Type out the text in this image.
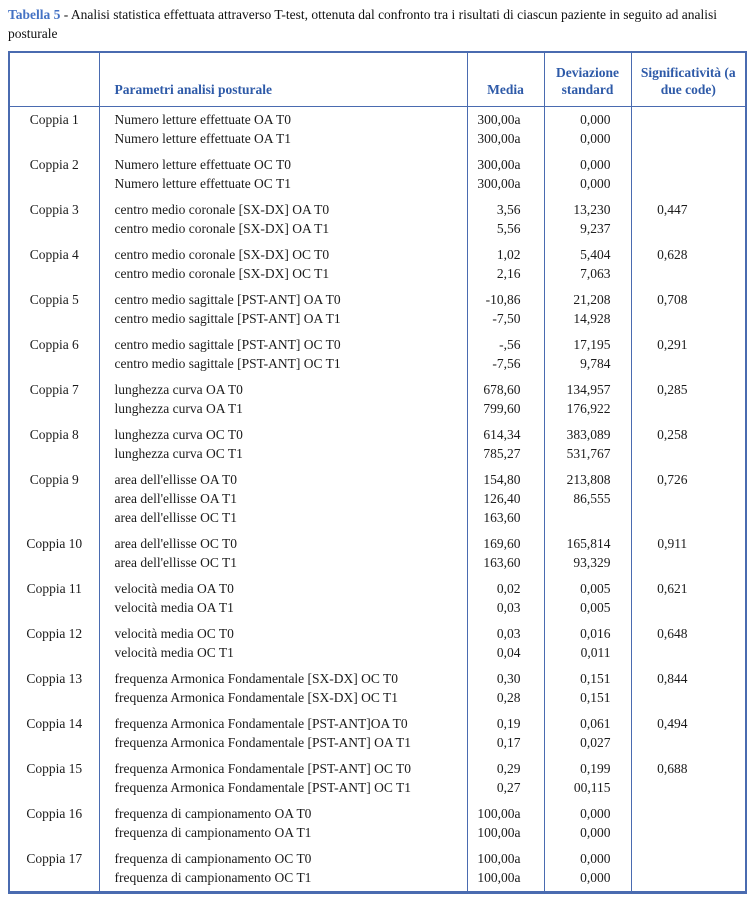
Tabella 5 - Analisi statistica effettuata attraverso T-test, ottenuta dal confronto tra i risultati di ciascun paziente in seguito ad analisi posturale

	Parametri analisi posturale	Media	Deviazione standard	Significatività (a due code)
Coppia 1	Numero letture effettuate OA T0	300,00a	0,000	
	Numero letture effettuate OA T1	300,00a	0,000	
Coppia 2	Numero letture effettuate OC T0	300,00a	0,000	
	Numero letture effettuate OC T1	300,00a	0,000	
Coppia 3	centro medio coronale [SX-DX] OA T0	3,56	13,230	0,447
	centro medio coronale [SX-DX] OA T1	5,56	9,237	
Coppia 4	centro medio coronale [SX-DX] OC T0	1,02	5,404	0,628
	centro medio coronale [SX-DX] OC T1	2,16	7,063	
Coppia 5	centro medio sagittale [PST-ANT] OA T0	-10,86	21,208	0,708
	centro medio sagittale [PST-ANT] OA T1	-7,50	14,928	
Coppia 6	centro medio sagittale [PST-ANT] OC T0	-,56	17,195	0,291
	centro medio sagittale [PST-ANT] OC T1	-7,56	9,784	
Coppia 7	lunghezza curva OA T0	678,60	134,957	0,285
	lunghezza curva OA T1	799,60	176,922	
Coppia 8	lunghezza curva OC T0	614,34	383,089	0,258
	lunghezza curva OC T1	785,27	531,767	
Coppia 9	area dell'ellisse OA T0	154,80	213,808	0,726
	area dell'ellisse OA T1	126,40	86,555	
	area dell'ellisse OC T1	163,60		
Coppia 10	area dell'ellisse OC T0	169,60	165,814	0,911
	area dell'ellisse OC T1	163,60	93,329	
Coppia 11	velocità media OA T0	0,02	0,005	0,621
	velocità media OA T1	0,03	0,005	
Coppia 12	velocità media OC T0	0,03	0,016	0,648
	velocità media OC T1	0,04	0,011	
Coppia 13	frequenza Armonica Fondamentale [SX-DX] OC T0	0,30	0,151	0,844
	frequenza Armonica Fondamentale [SX-DX] OC T1	0,28	0,151	
Coppia 14	frequenza Armonica Fondamentale [PST-ANT]OA T0	0,19	0,061	0,494
	frequenza Armonica Fondamentale [PST-ANT] OA T1	0,17	0,027	
Coppia 15	frequenza Armonica Fondamentale [PST-ANT] OC T0	0,29	0,199	0,688
	frequenza Armonica Fondamentale [PST-ANT] OC T1	0,27	00,115	
Coppia 16	frequenza di campionamento OA T0	100,00a	0,000	
	frequenza di campionamento OA T1	100,00a	0,000	
Coppia 17	frequenza di campionamento OC T0	100,00a	0,000	
	frequenza di campionamento OC T1	100,00a	0,000	
